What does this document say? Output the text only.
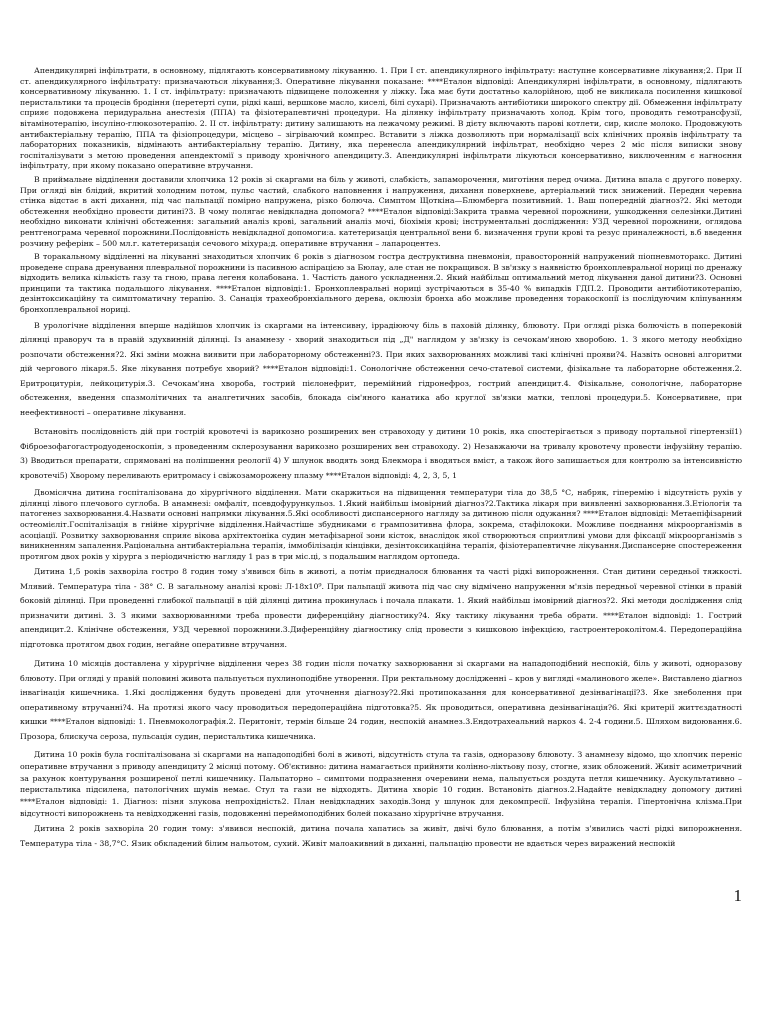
Апендикулярні інфільтрати, в основному, підлягають консервативному лікуванню. 1. При І ст. апендикулярного інфільтрату: наступне консервативне лікування;2. При ІІ ст. апендикулярного інфільтрату: призначаються лікування;3. Оперативне лікування показане: ****Еталон відповіді: Апендикулярні інфільтрати, в основному, підлягають консервативному лікуванню. 1. І ст. інфільтрату: призначають підвищене положення у ліжку. Їжа має бути достатньо калорійною, щоб не викликала посилення кишкової перистальтики та процесів бродіння (перетерті супи, рідкі каші, вершкове масло, киселі, білі сухарі). Призначають антибіотики широкого спектру дії. Обмеження інфільтрату сприяє подовжена перидуральна анестезія (ППА) та фізіотерапевтичні процедури. На ділянку інфільтрату призначають холод. Крім того, проводять гемотрансфузії, вітамінотерапію, інсуліно-глюкозотерапію. 2. ІІ ст. інфільтрату: дитину залишають на лежачому режимі. В дієту включають парові котлети, сир, кисле молоко. Продовжують антибактеріальну терапію, ППА та фізіопроцедури, місцево – зігріваючий компрес. Вставити з ліжка дозволяють при нормалізації всіх клінічних проявів інфільтрату та лабораторних показників, відмінають антибактеріальну терапію. Дитину, яка перенесла апендикулярний інфільтрат, необхідно через 2 міс після виписки знову госпіталізувати з метою проведення апендектомії з приводу хронічного апендициту.3. Апендикулярні інфільтрати лікуються консервативно, виключенням є нагноєння інфільтрату, при якому показано оперативне втручання.

В приймальне відділення доставили хлопчика 12 років зі скаргами на біль у животі, слабкість, запаморочення, миготіння перед очима. Дитина впала с другого поверху. При огляді він блідий, вкритий холодним потом, пульс частий, слабкого наповнення і напруження, дихання поверхневе, артеріальний тиск знижений. Передня черевна стінка відстає в акті дихання, під час пальпації помірно напружена, різко болюча. Симптом Щоткіна—Блюмберга позитивний. 1. Ваш попередній діагноз?2. Які методи обстеження необхідно провести дитині?3. В чому полягає невідкладна допомога? ****Еталон відповіді:Закрита травма черевної порожнини, ушкодження селезінки.Дитині необхідно виконати клінічні обстеження: загальний аналіз крові, загальний аналіз мочі, біохімія крові; інструментальні дослідження: УЗД черевної порожнини, оглядова рентгенограма черевної порожнини.Послідовність невідкладної допомоги:а. катетеризація центральної вени б. визначення групи крові та резус приналежності, в.б введення розчину реферінк – 500 мл.г. катетеризація сечового міхура;д. оперативне втручання – лапароцентез.

В торакальному відділенні на лікуванні знаходиться хлопчик 6 років з діагнозом гостра деструктивна пневмонія, правосторонній напружений піопневмоторакс. Дитині проведене справа дренування плевральної порожнини із пасивною аспірацією за Бюлау, але стан не покращився. В зв'язку з наявністю бронхоплевральної нориці по дренажу відходить велика кількість газу та гною, права легеня колабована. 1. Частість даного ускладнення.2. Який найбільш оптимальний метод лікування даної дитини?3. Основні принципи та тактика подальшого лікування. ****Еталон відповіді:1. Бронхоплевральні нориці зустрічаються в 35-40 % випадків ГДП.2. Проводити антибіотикотерапію, дезінтоксикаційну та симптоматичну терапію. 3. Санація трахеобронхіального дерева, оклюзія бронха або можливе проведення торакоскопії із послідуючим кліпуванням бронхоплевральної нориці.

В урологічне відділення вперше надійшов хлопчик із скаргами на інтенсивну, іррадіюючу біль в паховій ділянку, блювоту. При огляді різка болючість в поперековій ділянці праворуч та в правій здухвинній ділянці. Із анамнезу - хворий знаходиться під „Д" наглядом у зв'язку із сечокам'яною хворобою. 1. З якого методу необхідно розпочати обстеження?2. Які зміни можна виявити при лабораторному обстеженні?3. При яких захворюваннях можливі такі клінічні прояви?4. Назвіть основні алгоритми дій чергового лікаря.5. Яке лікування потребує хворий? ****Еталон відповіді:1. Сонологічне обстеження сечо-статевої системи, фізікальне та лабораторне обстеження.2. Еритроцитурія, лейкоцитурія.3. Сечокам'яна хвороба, гострий пієлонефрит, перемійний гідронефроз, гострий апендицит.4. Фізікальне, сонологічне, лабораторне обстеження, введення спазмолітичних та аналгетичних засобів, блокада сім'яного канатика або круглої зв'язки матки, тепловi процедури.5. Консервативне, при неефективності – оперативне лікування.

Встановіть послідовність дій при гострій кровотечі із варикозно розширених вен стравоходу у дитини 10 років, яка спостерігається з приводу портальної гіпертензії1) Фіброезофагогастродуоденоскопія, з проведенням склерозування варикозно розширених вен стравоходу. 2) Незавжаючи на тривалу кровотечу провести інфузійну терапію. 3) Вводиться препарати, спрямовані на поліпшення реології 4) У шлунок вводять зонд Блекмора і вводяться вміст, а також його запишається для контролю за інтенсивністю кровотечі5) Хворому переливають еритромасу і свіжозаморожену плазму ****Еталон відповіді: 4, 2, 3, 5, 1

Двомісячна дитина госпіталізована до хірургічного відділення. Мати скаржиться на підвищення температури тіла до 38,5 °С, набряк, гіперемію і відсутність рухів у ділянці лівого плечового суглоба. В анамнезі: омфаліт, псевдофурункульоз. 1.Який найбільш імовірний діагноз?2.Тактика лікаря при виявленні захворювання.3.Етіологія та патогенез захворювання.4.Назвати основні напрямки лікування.5.Які особливості диспансерного нагляду за дитиною після одужання? ****Еталон відповіді: Метаепіфізарний остеомієліт.Госпіталізація в гнійне хірургічне відділення.Найчастіше збудниками є грампозитивна флора, зокрема, стафілококи. Можливе поєднання мікроорганізмів в асоціації. Розвитку захворювання сприяє вікова архітектоніка судин метафізарної зони кісток, внаслідок якої створюються сприятливі умови для фіксації мікроорганізмів з виникненням запалення.Раціональна антибактеріальна терапія, іммобілізація кінцівки, дезінтоксикаційна терапія, фізіотерапевтичне лікування.Диспансерне спостереження протягом двох років у хірурга з періодичністю нагляду 1 раз в три міс.ці, з подальшим наглядом ортопеда.

Дитина 1,5 років захворіла гостро 8 годин тому з'явився біль в животі, а потім приєдналося блювання та часті рідкі випорожнення. Стан дитини середньої тяжкості. Млявий. Температура тіла - 38° С. В загальному аналізі крові: Л-18x10⁹. При пальпації живота під час сну відмічено напруження м'язів передньої черевної стінки в правій боковій ділянці. При проведенні глибокої пальпації в цій ділянці дитина прокинулась і почала плакати. 1. Який найбільш імовірний діагноз?2. Які методи дослідження слід призначити дитині. 3. З якими захворюваннями треба провести диференційну діагностику?4. Яку тактику лікування треба обрати. ****Еталон відповіді: 1. Гострий апендицит.2. Клінічне обстеження, УЗД черевної порожнини.3.Диференційну діагностику слід провести з кишковою інфекцією, гастроентероколітом.4. Передопераційна підготовка протягом двох годин, негайне оперативне втручання.

Дитина 10 місяців доставлена у хірургічне відділення через 38 годин після початку захворювання зі скаргами на нападоподібний неспокій, біль у животі, одноразову блювоту. При огляді у правій половині живота пальпується пухлиноподібне утворення. При ректальному дослідженні – кров у вигляді «малинового желе». Виставлено діагноз інвагінація кишечника. 1.Які дослідження будуть проведені для уточнення діагнозу?2.Які протипоказання для консервативної дезінвагінації?3. Яке знеболення при оперативному втручанні?4. На протязі якого часу проводиться передопераційна підготовка?5. Як проводиться, оперативна дезінвагінація?6. Які критерії життєздатності кишки ****Еталон відповіді: 1. Пневмоколографія.2. Перитоніт, термін більше 24 годин, неспокій анамнез.3.Ендотрахеальний наркоз 4. 2-4 години.5. Шляхом видоювання.6. Прозора, блискуча сероза, пульсація судин, перистальтика кишечника.

Дитина 10 років була госпіталізована зі скаргами на нападоподібні болі в животі, відсутність стула та газів, одноразову блювоту. З анамнезу відомо, що хлопчик переніс оперативне втручання з приводу апендициту 2 місяці потому. Об'єктивно: дитина намагається прийняти колінно-ліктьову позу, стогне, язик обложений. Живіт асиметричний за рахунок контурування розширеної петлі кишечнику. Пальпаторно – симптоми подразнення очеревини нема, пальпується роздута петля кишечнику. Аускультативно – перистальтика підсилена, патологічних шумів немає. Стул та гази не відходять. Дитина хворіє 10 годин. Встановіть діагноз.2.Надайте невідкладну допомогу дитині ****Еталон відповіді: 1. Діагноз: пізня злукова непрохідність2. План невідкладних заходів.Зонд у шлунок для декомпресії. Інфузійна терапія. Гіпертонічна клізма.При відсутності випорожнень та невідходженні газів, подовженні переймоподібних болей показано хірургічне втручання.

Дитина 2 років захворіла 20 годин тому: з'явився неспокій, дитина почала хапатись за живіт, двічі було блювання, а потім з'явились часті рідкі випорожнення. Температура тіла - 38,7°С. Язик обкладений білим нальотом, сухий. Живіт малоакивний в диханні, пальпацію провести не вдається через виражений неспокій

1
